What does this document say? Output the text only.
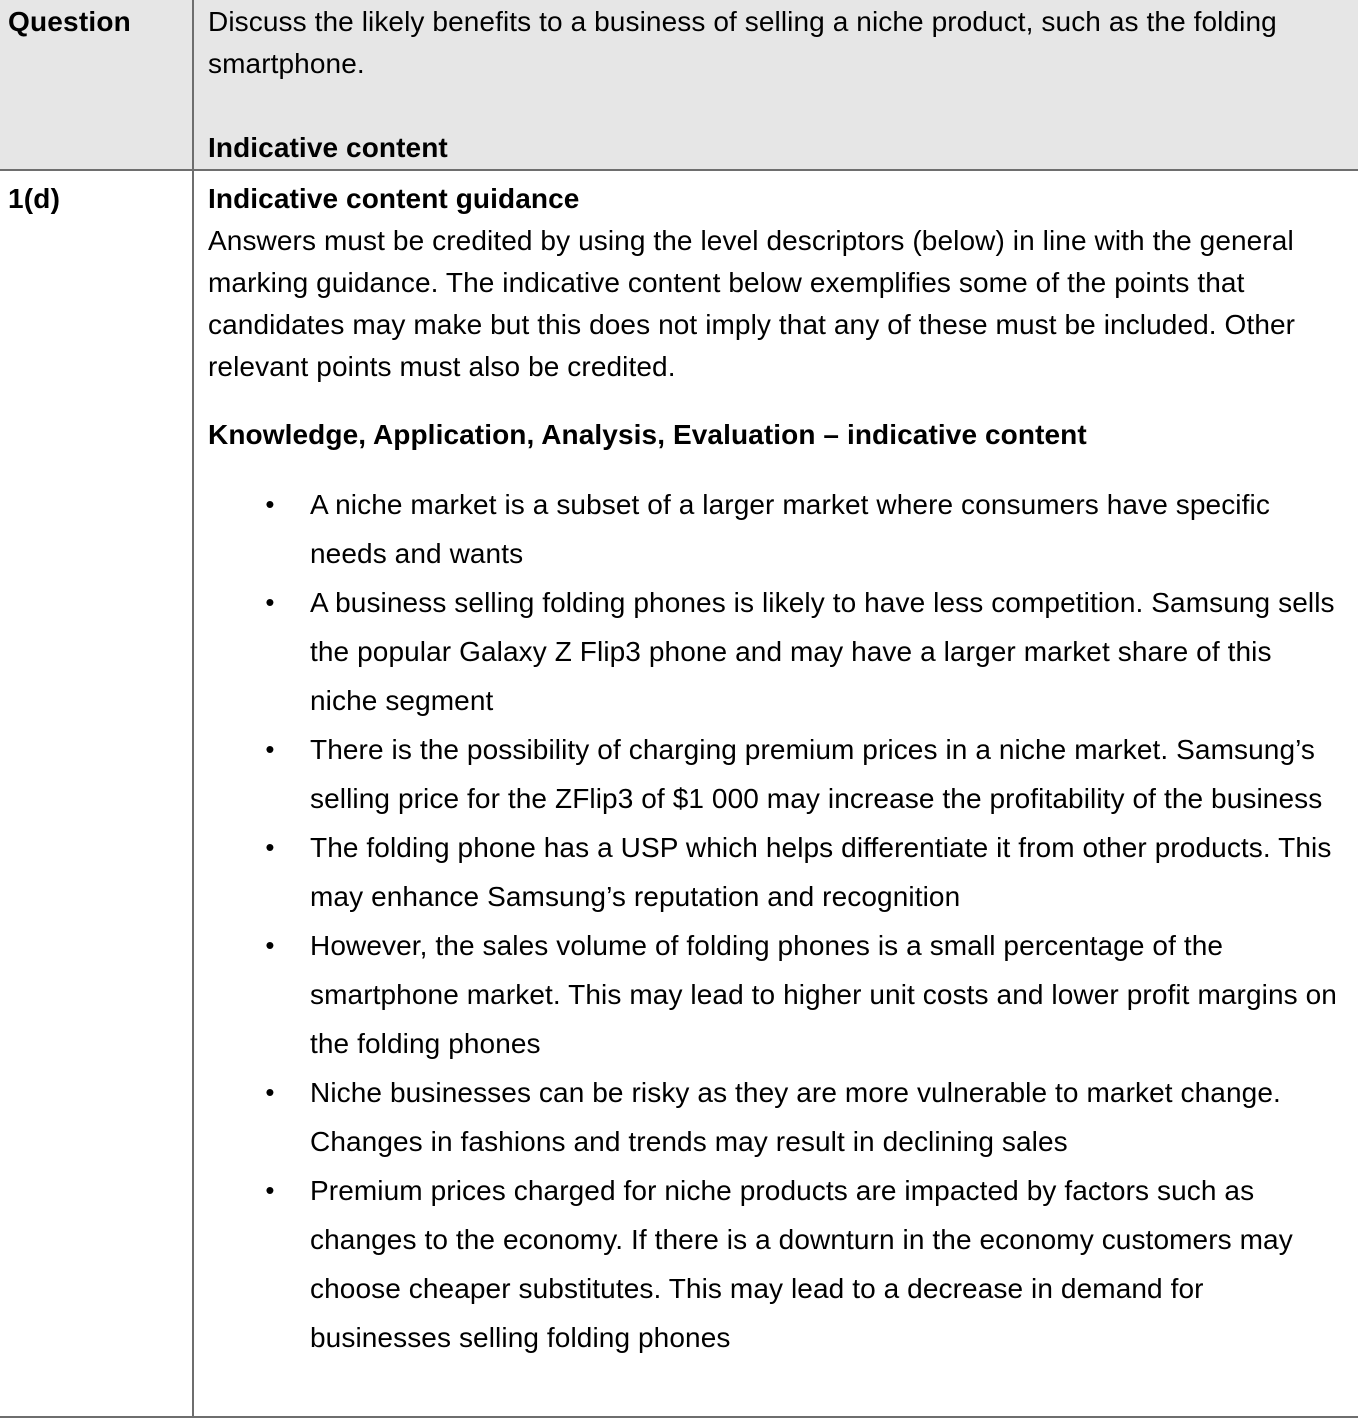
Question	Discuss the likely benefits to a business of selling a niche product, such as the folding smartphone.

Indicative content

1(d)	Indicative content guidance

Answers must be credited by using the level descriptors (below) in line with the general marking guidance. The indicative content below exemplifies some of the points that candidates may make but this does not imply that any of these must be included. Other relevant points must also be credited.

Knowledge, Application, Analysis, Evaluation – indicative content

• A niche market is a subset of a larger market where consumers have specific needs and wants
• A business selling folding phones is likely to have less competition. Samsung sells the popular Galaxy Z Flip3 phone and may have a larger market share of this niche segment
• There is the possibility of charging premium prices in a niche market. Samsung’s selling price for the ZFlip3 of $1 000 may increase the profitability of the business
• The folding phone has a USP which helps differentiate it from other products. This may enhance Samsung’s reputation and recognition
• However, the sales volume of folding phones is a small percentage of the smartphone market. This may lead to higher unit costs and lower profit margins on the folding phones
• Niche businesses can be risky as they are more vulnerable to market change. Changes in fashions and trends may result in declining sales
• Premium prices charged for niche products are impacted by factors such as changes to the economy. If there is a downturn in the economy customers may choose cheaper substitutes. This may lead to a decrease in demand for businesses selling folding phones
